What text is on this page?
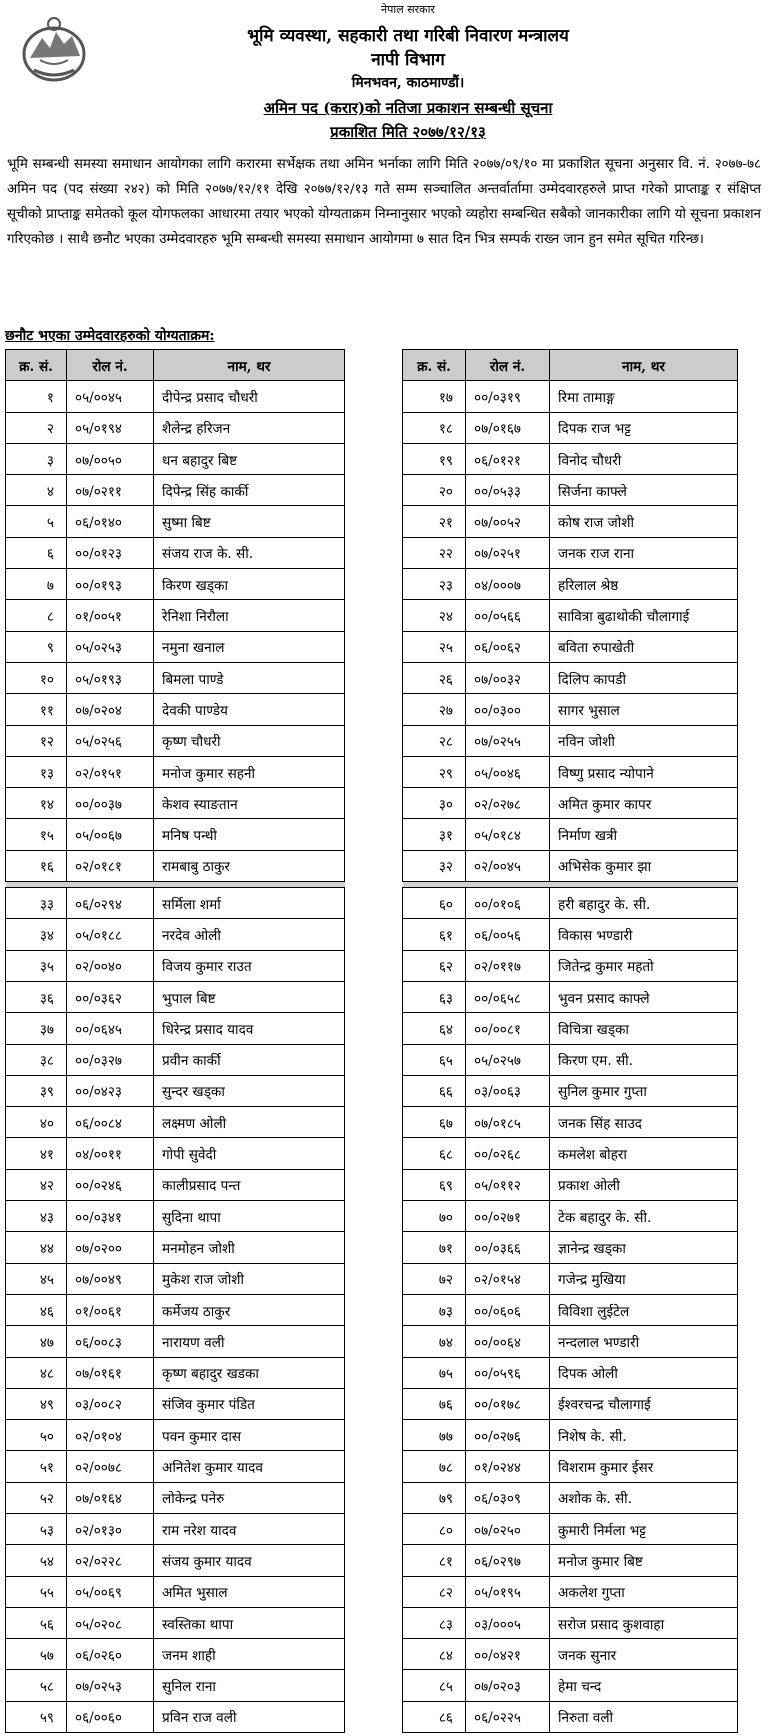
नेपाल सरकार
भूमि व्यवस्था, सहकारी तथा गरिबी निवारण मन्त्रालय
नापी विभाग
मिनभवन, काठमाण्डौं।
अमिन पद (करार)को नतिजा प्रकाशन सम्बन्धी सूचना
प्रकाशित मिति २०७७/१२/१३

भूमि सम्बन्धी समस्या समाधान आयोगका लागि करारमा सर्भेक्षक तथा अमिन भर्नाका लागि मिति २०७७/०९/१० मा प्रकाशित सूचना अनुसार वि. नं. २०७७-७८ अमिन पद (पद संख्या २४२) को मिति २०७७/१२/११ देखि २०७७/१२/१३ गते सम्म सञ्चालित अन्तर्वार्तामा उम्मेदवारहरुले प्राप्त गरेको प्राप्ताङ्क र संक्षिप्त सूचीको प्राप्ताङ्क समेतको कूल योगफलका आधारमा तयार भएको योग्यताक्रम निम्नानुसार भएको व्यहोरा सम्बन्धित सबैको जानकारीका लागि यो सूचना प्रकाशन गरिएकोछ । साथै छनौट भएका उम्मेदवारहरु भूमि सम्बन्धी समस्या समाधान आयोगमा ७ सात दिन भित्र सम्पर्क राख्न जान हुन समेत सूचित गरिन्छ।

छनौट भएका उम्मेदवारहरुको योग्यताक्रम:
क्र. सं.	रोल नं.	नाम, थर
१	०५/००४५	दीपेन्द्र प्रसाद चौधरी
२	०५/०१९४	शैलेन्द्र हरिजन
३	०७/००५०	धन बहादुर बिष्ट
४	०७/०२११	दिपेन्द्र सिंह कार्की
५	०६/०१४०	सुष्मा बिष्ट
६	००/०१२३	संजय राज के. सी.
७	००/०१९३	किरण खड्का
८	०१/००५१	रेनिशा निरौला
९	०५/०२५३	नमुना खनाल
१०	०५/०१९३	बिमला पाण्डे
११	०७/०२०४	देवकी पाण्डेय
१२	०५/०२५६	कृष्ण चौधरी
१३	०२/०१५१	मनोज कुमार सहनी
१४	००/००३७	केशव स्याङतान
१५	०५/००६७	मनिष पन्थी
१६	०२/०१८१	रामबाबु ठाकुर

३३	०६/०२९४	सर्मिला शर्मा
३४	०५/०१८८	नरदेव ओली
३५	०२/००४०	विजय कुमार राउत
३६	००/०३६२	भुपाल बिष्ट
३७	००/०६४५	धिरेन्द्र प्रसाद यादव
३८	००/०३२७	प्रवीन कार्की
३९	००/०४२३	सुन्दर खड्का
४०	०६/००८४	लक्ष्मण ओली
४१	०४/००११	गोपी सुवेदी
४२	००/०२४६	कालीप्रसाद पन्त
४३	००/०३४१	सुदिना थापा
४४	०७/०२००	मनमोहन जोशी
४५	०७/००४९	मुकेश राज जोशी
४६	०१/००६१	कर्मेजय ठाकुर
४७	०६/००८३	नारायण वली
४८	०७/०१६१	कृष्ण बहादुर खडका
४९	०३/००८२	संजिव कुमार पंडित
५०	०२/०१०४	पवन कुमार दास
५१	०२/००७८	अनितेश कुमार यादव
५२	०७/०१६४	लोकेन्द्र पनेरु
५३	०२/०१३०	राम नरेश यादव
५४	०२/०२२८	संजय कुमार यादव
५५	०५/००६९	अमित भुसाल
५६	०५/०२०८	स्वस्तिका थापा
५७	०६/०२६०	जनम शाही
५८	०७/०२५३	सुनिल राना
५९	०६/००६०	प्रविन राज वली
क्र. सं.	रोल नं.	नाम, थर
१७	००/०३१९	रिमा तामाङ्ग
१८	०७/०१६७	दिपक राज भट्ट
१९	०६/०१२१	विनोद चौधरी
२०	००/०५३३	सिर्जना काफ्ले
२१	०७/००५२	कोष राज जोशी
२२	०७/०२५१	जनक राज राना
२३	०४/०००७	हरिलाल श्रेष्ठ
२४	००/०५६६	सावित्रा बुढाथोकी चौलागाई
२५	०६/००६२	बविता रुपाखेती
२६	०७/००३२	दिलिप कापडी
२७	००/०३००	सागर भुसाल
२८	०७/०२५५	नविन जोशी
२९	०५/००४६	विष्णु प्रसाद न्योपाने
३०	०२/०२७८	अमित कुमार कापर
३१	०५/०१८४	निर्माण खत्री
३२	०२/००४५	अभिसेक कुमार झा

६०	००/०१०६	हरी बहादुर के. सी.
६१	०६/००५६	विकास भण्डारी
६२	०२/०११७	जितेन्द्र कुमार महतो
६३	००/०६५८	भुवन प्रसाद काफ्ले
६४	००/००८१	विचित्रा खड्का
६५	०५/०२५७	किरण एम. सी.
६६	०३/००६३	सुनिल कुमार गुप्ता
६७	०७/०१८५	जनक सिंह साउद
६८	००/०२६८	कमलेश बोहरा
६९	०५/०११२	प्रकाश ओली
७०	००/०२७१	टेक बहादुर के. सी.
७१	००/०३६६	ज्ञानेन्द्र खड्का
७२	०२/०१५४	गजेन्द्र मुखिया
७३	००/०६०६	विविशा लुईटेल
७४	००/००६४	नन्दलाल भण्डारी
७५	००/०५९६	दिपक ओली
७६	००/०१७८	ईश्वरचन्द्र चौलागाई
७७	००/०२७६	निशेष के. सी.
७८	०१/०२४४	विशराम कुमार ईसर
७९	०६/०३०९	अशोक के. सी.
८०	०७/०२५०	कुमारी निर्मला भट्ट
८१	०६/०२९७	मनोज कुमार बिष्ट
८२	०५/०१९५	अकलेश गुप्ता
८३	०३/०००५	सरोज प्रसाद कुशवाहा
८४	००/०४२१	जनक सुनार
८५	०७/०२०३	हेमा चन्द
८६	०६/०२२५	निरुता वली
